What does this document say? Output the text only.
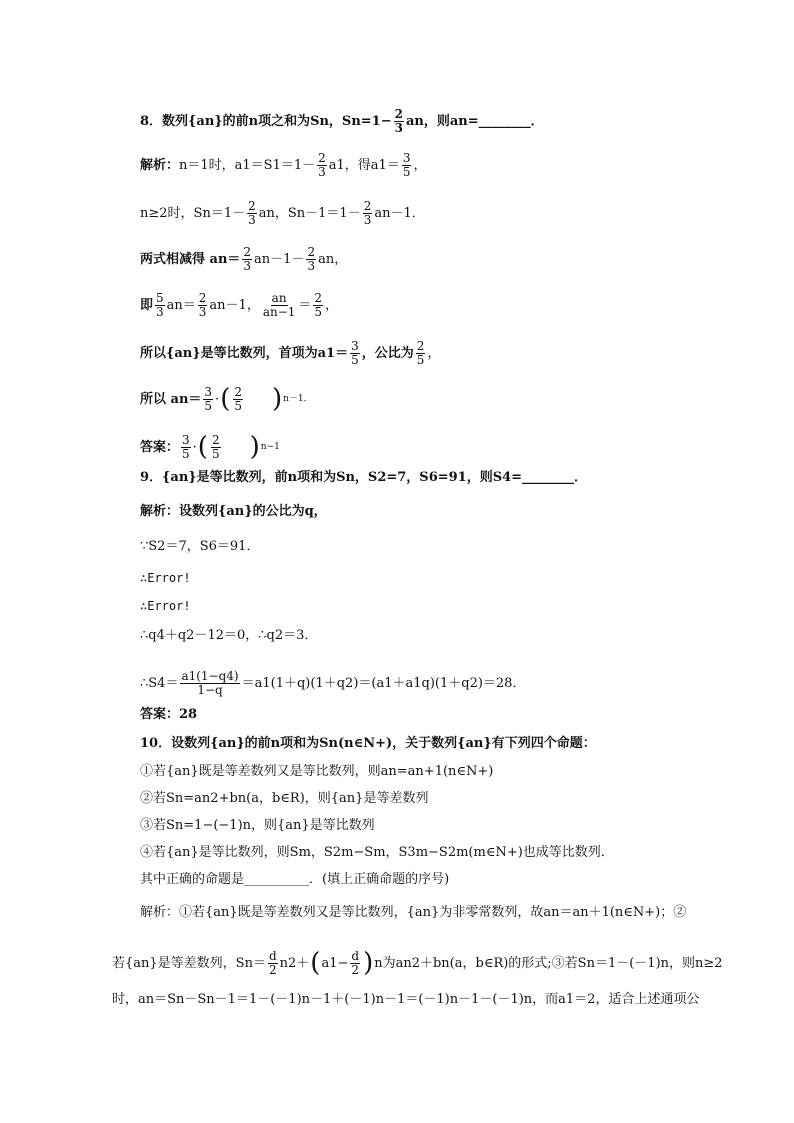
8．数列{an}的前n项之和为Sn，$Sn=1- \frac{2}{3}$ an，则an=________．
解析： n＝1时，$a1=S1=1- \frac{2}{3} a1$，得$a1= \frac{3}{5}$ ，
n≥2时，$Sn=1- \frac{2}{3}$ an，$Sn-1=1- \frac{2}{3} an-1$．
两式相减得 $an= \frac{2}{3} an-1- \frac{2}{3}$ an，
即 $\frac{5}{3} an= \frac{2}{3} an-1$， $\frac{an}{an-1} = \frac{2}{5}$ ，
所以{an}是等比数列，首项为$a1= \frac{3}{5}$ ，公比为 $\frac{2}{5}$ ，
所以 $an= \frac{3}{5}$ · ( $\frac{2}{5}$ ) n－1．
答案： $\frac{3}{5}$ · ( $\frac{2}{5}$ ) n−1
9．{an}是等比数列，前n项和为Sn，S2=7，S6=91，则S4=________．
解析：设数列{an}的公比为q，
∵S2＝7，S6＝91．
∴Error!
∴Error!
∴q4＋q2－12＝0，∴q2＝3．
∴S4＝ $\frac{a1(1-q4)}{1-q} =a1(1+q)(1+q2)=(a1+a1q)(1+q2)=28$．
答案：28
10．设数列{an}的前n项和为Sn(n∈N+)，关于数列{an}有下列四个命题：
①若{an}既是等差数列又是等比数列，则an=an+1(n∈N+)
②若Sn=an2+bn(a，b∈R)，则{an}是等差数列
③若Sn=1−(−1)n，则{an}是等比数列
④若{an}是等比数列，则Sm，S2m−Sm，S3m−S2m(m∈N+)也成等比数列．
其中正确的命题是__________．(填上正确命题的序号)
解析：①若{an}既是等差数列又是等比数列，{an}为非零常数列，故an＝an＋1(n∈N+)；②
若{an}是等差数列，$Sn= \frac{d}{2} n2+$ ( $a1- \frac{d}{2}$ ) n为an2＋bn(a，b∈R)的形式;③若Sn＝1－(－1)n，则n≥2
时，an＝Sn－Sn－1＝1－(－1)n－1＋(－1)n－1＝(－1)n－1－(－1)n，而a1＝2，适合上述通项公
